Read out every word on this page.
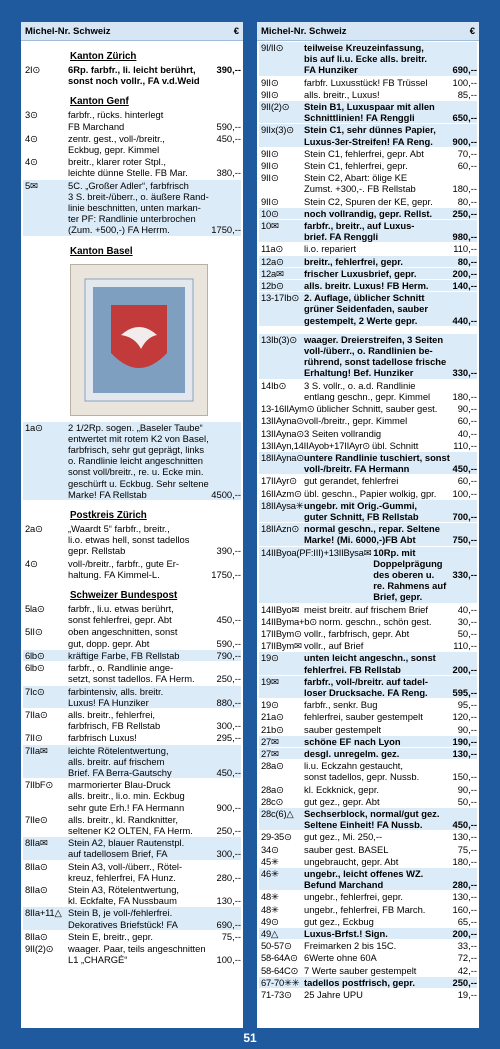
Michel-Nr. Schweiz	€
Kanton Zürich
2I⊙	6Rp. farbfr., li. leicht berührt,
sonst noch vollr., FA v.d.Weid
390,--
Kanton Genf
3⊙	farbfr., rücks. hinterlegt
FB Marchand	
590,--
4⊙	zentr. gest., voll-/breitr.,
Eckbug, gepr. Kimmel
450,--
4⊙	breitr., klarer roter Stpl.,
leichte dünne Stelle. FB Mar.	
380,--
5✉	5C. „Großer Adler“, farbfrisch
3 S. breit-/überr., o. äußere Rand-
linie beschnitten, unten markan-
ter PF: Randlinie unterbrochen
(Zum. +500,-) FA Herrm.	

1750,--
Kanton Basel
1a⊙	2 1/2Rp. sogen. „Baseler Taube“
entwertet mit rotem K2 von Basel,
farbfrisch, sehr gut geprägt, links
o. Randlinie leicht angeschnitten
sonst voll/breitr., re. u. Ecke min.
geschürft u. Eckbug. Sehr seltene
Marke! FA Rellstab	

4500,--
Postkreis Zürich
2a⊙	„Waardt 5“ farbfr., breitr.,
li.o. etwas hell, sonst tadellos
gepr. Rellstab	

390,--
4⊙	voll-/breitr., farbfr., gute Er-
haltung. FA Kimmel-L.	
1750,--
Schweizer Bundespost
5la⊙	farbfr., li.u. etwas berührt,
sonst fehlerfrei, gepr. Abt	
450,--
5II⊙	oben angeschnitten, sonst
gut, dopp. gepr. Abt	
590,--
6lb⊙	kräftige Farbe, FB Rellstab	790,--
6lb⊙	farbfr., o. Randlinie ange-
setzt, sonst tadellos. FA Herm.	
250,--
7Ic⊙	farbintensiv, alls. breitr.
Luxus! FA Hunziker	
880,--
7IIa⊙	alls. breitr., fehlerfrei,
farbfrisch, FB Rellstab	
300,--
7II⊙	farbfrisch Luxus!	295,--
7IIa✉	leichte Rötelentwertung,
alls. breitr. auf frischem
Brief. FA Berra-Gautschy	

450,--
7IIbF⊙	marmorierter Blau-Druck
alls. breitr., li.o. min. Eckbug
sehr gute Erh.! FA Hermann	

900,--
7IIe⊙	alls. breitr., kl. Randknitter,
seltener K2 OLTEN, FA Herm.	
250,--
8IIa✉	Stein A2, blauer Rautenstpl.
auf tadellosem Brief, FA	
300,--
8IIa⊙	Stein A3, voll-/überr., Rötel-
kreuz, fehlerfrei, FA Hunz.	
280,--
8IIa⊙	Stein A3, Rötelentwertung,
kl. Eckfalte, FA Nussbaum	
130,--
8IIa+11△ Stein B, je voll-/fehlerfrei.
Dekoratives Briefstück! FA	
690,--
8IIa⊙	Stein E, breitr., gepr.	75,--
9II(2)⊙	waager. Paar, teils angeschnitten
L1 „CHARGÉ“	
100,--
Michel-Nr. Schweiz	€
9I/II⊙	teilweise Kreuzeinfassung,
bis auf li.u. Ecke alls. breitr.
FA Hunziker	

690,--
9II⊙	farbfr. Luxusstück! FB Trüssel	100,--
9II⊙	alls. breitr., Luxus!	85,--
9II(2)⊙	Stein B1, Luxuspaar mit allen
Schnittlinien! FA Renggli	
650,--
9IIx(3)⊙	Stein C1, sehr dünnes Papier,
Luxus-3er-Streifen! FA Reng.	
900,--
9II⊙	Stein C1, fehlerfrei, gepr. Abt	70,--
9II⊙	Stein C1, fehlerfrei, gepr.	60,--
9II⊙	Stein C2, Abart: ölige KE
Zumst. +300,-. FB Rellstab	
180,--
9II⊙	Stein C2, Spuren der KE, gepr.	80,--
10⊙	noch vollrandig, gepr. Rellst.	250,--
10✉	farbfr., breitr., auf Luxus-
brief. FA Renggli	
980,--
11a⊙	li.o. repariert	110,--
12a⊙	breitr., fehlerfrei, gepr.	80,--
12a✉	frischer Luxusbrief, gepr.	200,--
12b⊙	alls. breitr. Luxus! FB Herm.	140,--
13-17Ib⊙ 2. Auflage, üblicher Schnitt
grüner Seidenfaden, sauber
gestempelt, 2 Werte gepr.	

440,--
13Ib(3)⊙ waager. Dreierstreifen, 3 Seiten
voll-/überr., o. Randlinien be-
rührend, sonst tadellose frische
Erhaltung! Bef. Hunziker	

330,--
14Ib⊙	3 S. vollr., o. a.d. Randlinie
entlang geschn., gepr. Kimmel	
180,--
13-16IIAym⊙ üblicher Schnitt, sauber gest.	90,--
13IIAyna⊙ voll-/breitr., gepr. Kimmel	60,--
13IIAyna⊙ 3 Seiten vollrandig	40,--
13IIAyn,14IIAyob+17IIAyr⊙ übl. Schnitt	110,--
18IIAyna⊙ untere Randlinie tuschiert, sonst
voll-/breitr. FA Hermann	
450,--
17IIAyr⊙ gut gerandet, fehlerfrei	60,--
16IIAzm⊙ übl. geschn., Papier wolkig, gpr.	100,--
18IIAysa✳ ungebr. mit Orig.-Gummi,
guter Schnitt, FB Rellstab	
700,--
18IIAzn⊙ normal geschn., repar. Seltene
Marke! (Mi. 6000,-)FB Abt	
750,--
14IIByoa(PF:III)+13IIBysa✉ 10Rp. mit
Doppelprägung des oberen u.
re. Rahmens auf Brief, gepr.

330,--
14IIByo✉ meist breitr. auf frischem Brief	40,--
14IIByma+b⊙ norm. geschn., schön gest.	30,--
17IIBym⊙ vollr., farbfrisch, gepr. Abt	50,--
17IIBym✉ vollr., auf Brief	110,--
19⊙	unten leicht angeschn., sonst
fehlerfrei. FB Rellstab	
200,--
19✉	farbfr., voll-/breitr. auf tadel-
loser Drucksache. FA Reng.	
595,--
19⊙	farbfr., senkr. Bug	95,--
21a⊙	fehlerfrei, sauber gestempelt	120,--
21b⊙	sauber gestempelt	90,--
27✉	schöne EF nach Lyon	190,--
27✉	desgl. unregelm. gez.	130,--
28a⊙	li.u. Eckzahn gestaucht,
sonst tadellos, gepr. Nussb.	
150,--
28a⊙	kl. Eckknick, gepr.	90,--
28c⊙	gut gez., gepr. Abt	50,--
28c(6)△	Sechserblock, normal/gut gez.
Seltene Einheit! FA Nussb.	
450,--
29-35⊙	gut gez., Mi. 250,--	130,--
34⊙	sauber gest. BASEL	75,--
45✳	ungebraucht, gepr. Abt	180,--
46✳	ungebr., leicht offenes WZ.
Befund Marchand	
280,--
48✳	ungebr., fehlerfrei, gepr.	130,--
48✳	ungebr., fehlerfrei, FB March.	160,--
49⊙	gut gez., Eckbug	65,--
49△	Luxus-Brfst.! Sign.	200,--
50-57⊙	Freimarken 2 bis 15C.	33,--
58-64A⊙ 6Werte ohne 60A	72,--
58-64C⊙ 7 Werte sauber gestempelt	42,--
67-70✳✳ tadellos postfrisch, gepr.	250,--
71-73⊙	25 Jahre UPU	19,--
51
